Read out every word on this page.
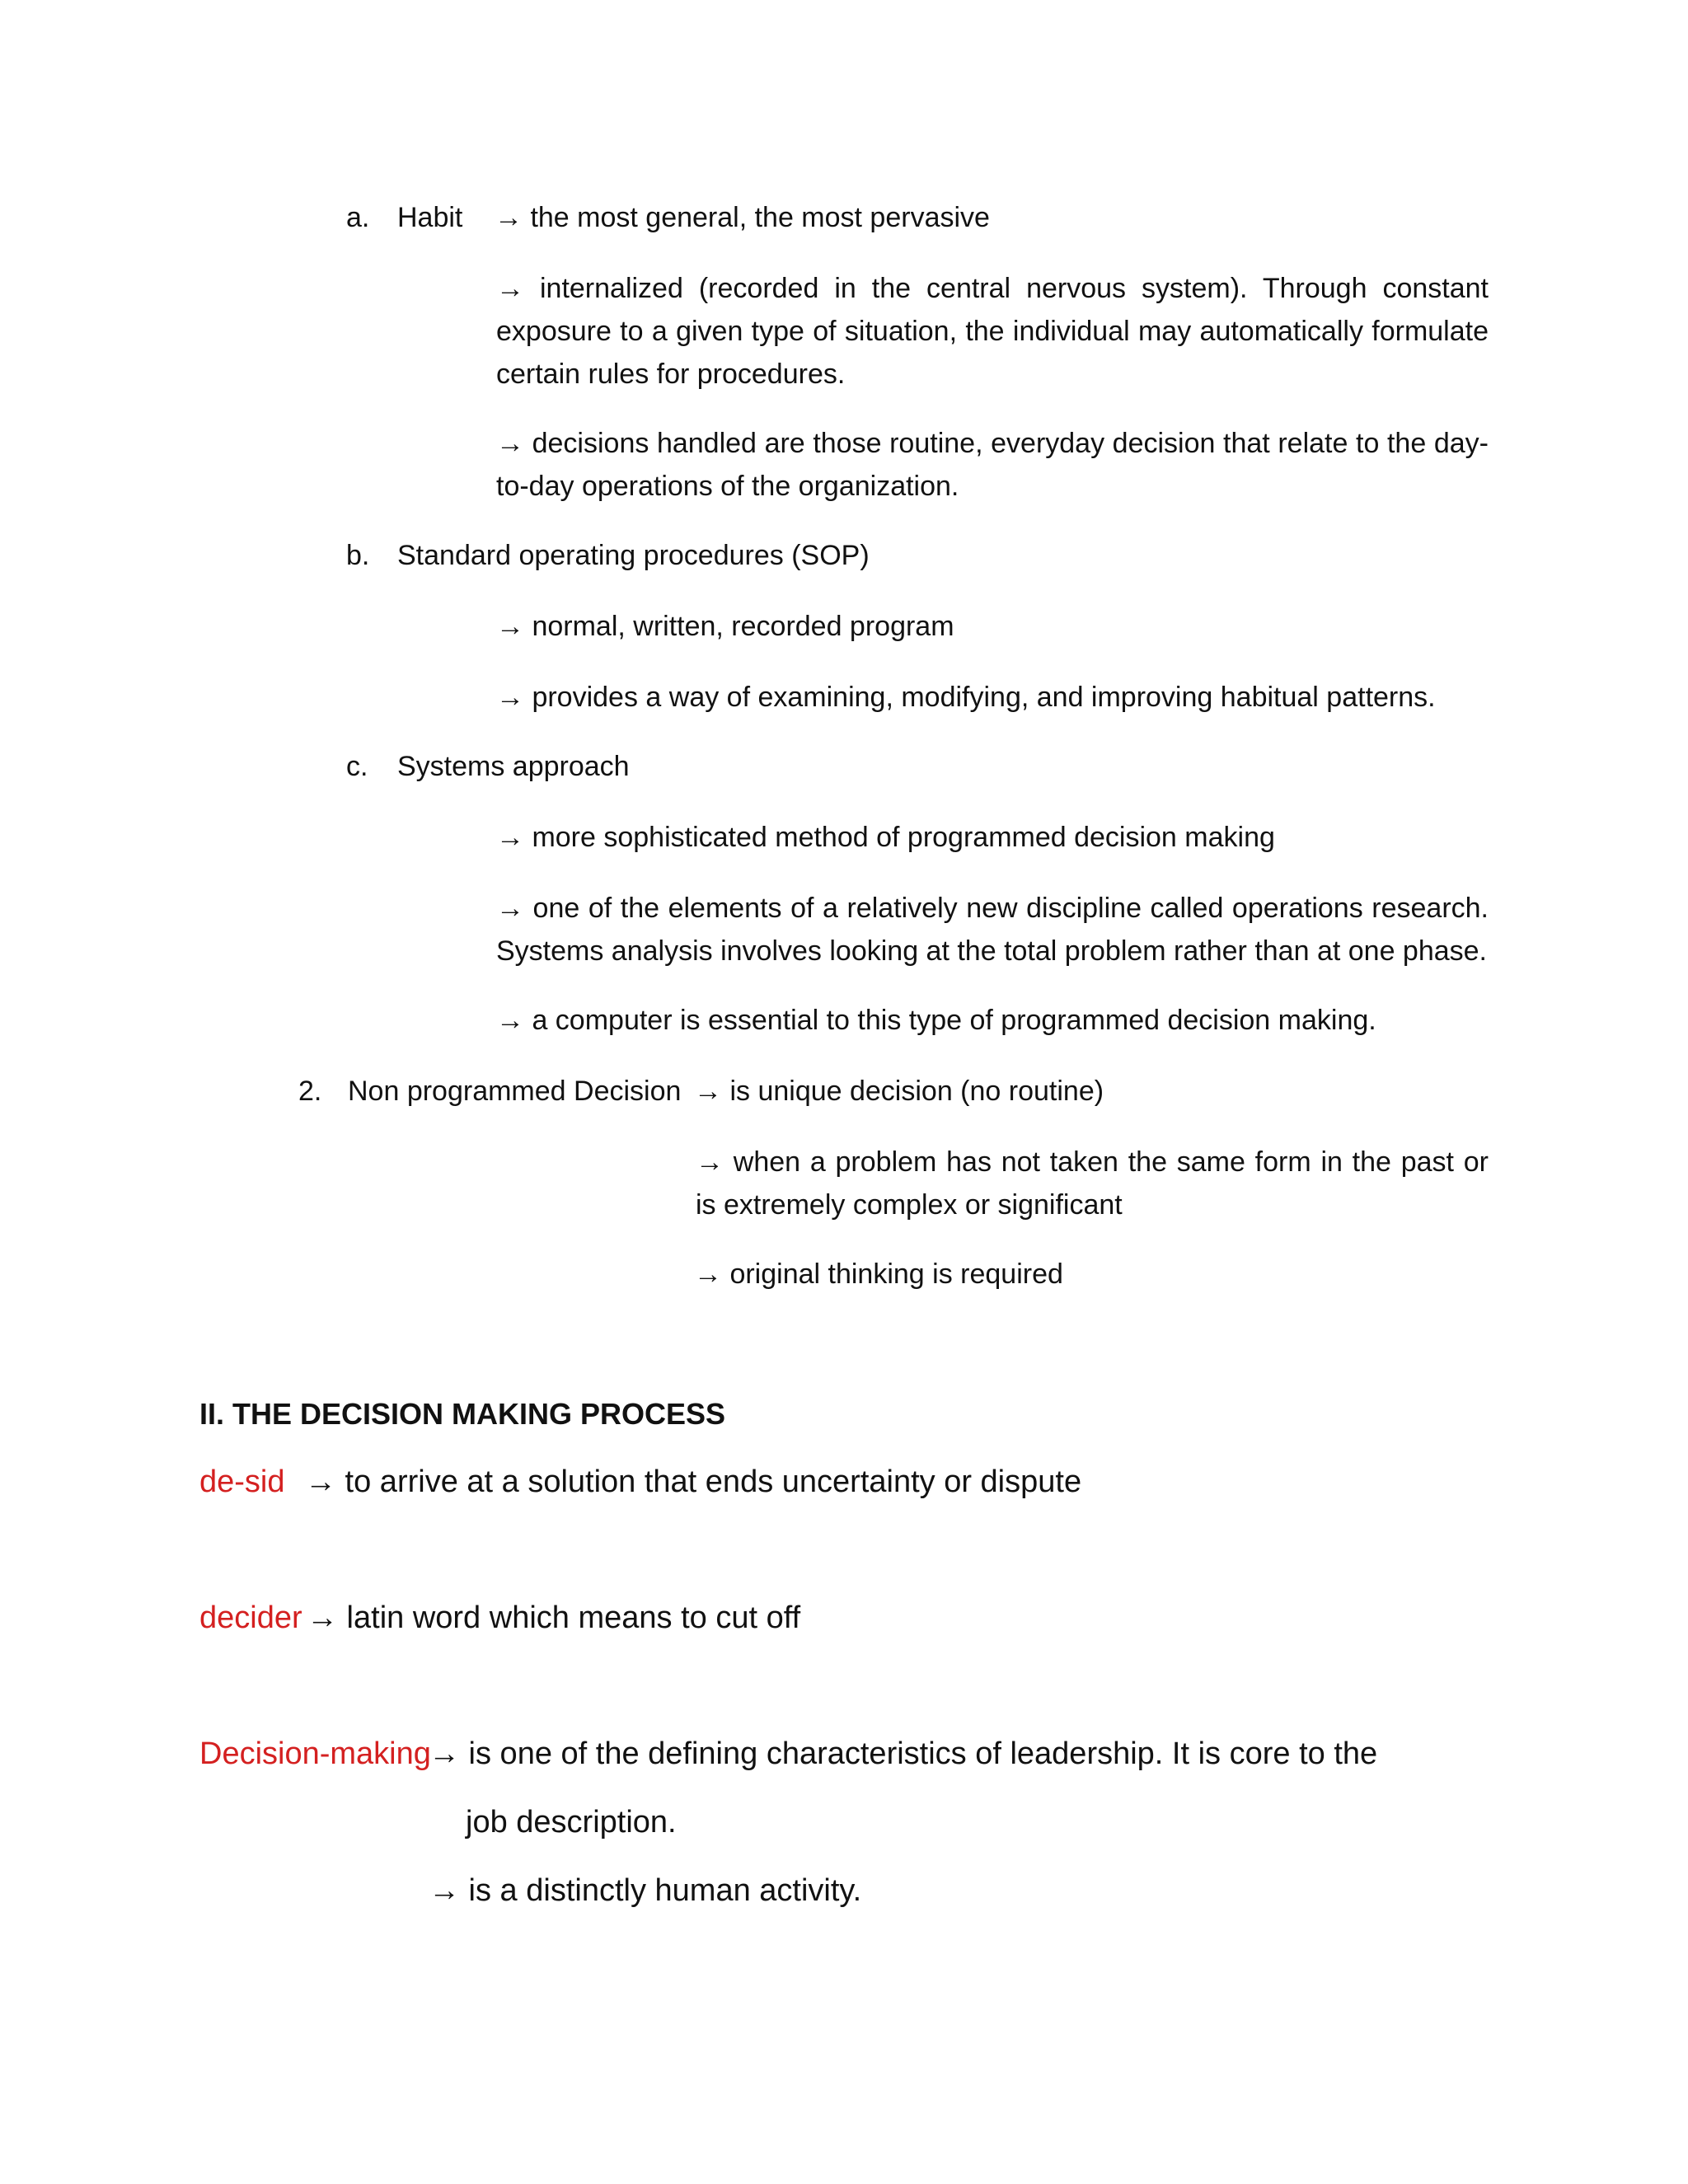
a. Habit → the most general, the most pervasive
→ internalized (recorded in the central nervous system). Through constant exposure to a given type of situation, the individual may automatically formulate certain rules for procedures.
→ decisions handled are those routine, everyday decision that relate to the day-to-day operations of the organization.
b. Standard operating procedures (SOP)
→ normal, written, recorded program
→ provides a way of examining, modifying, and improving habitual patterns.
c. Systems approach
→ more sophisticated method of programmed decision making
→ one of the elements of a relatively new discipline called operations research. Systems analysis involves looking at the total problem rather than at one phase.
→ a computer is essential to this type of programmed decision making.
2. Non programmed Decision → is unique decision (no routine)
→ when a problem has not taken the same form in the past or is extremely complex or significant
→ original thinking is required
II. THE DECISION MAKING PROCESS
de-sid → to arrive at a solution that ends uncertainty or dispute
decider → latin word which means to cut off
Decision-making
→ is one of the defining characteristics of leadership. It is core to the
job description.
→ is a distinctly human activity.
